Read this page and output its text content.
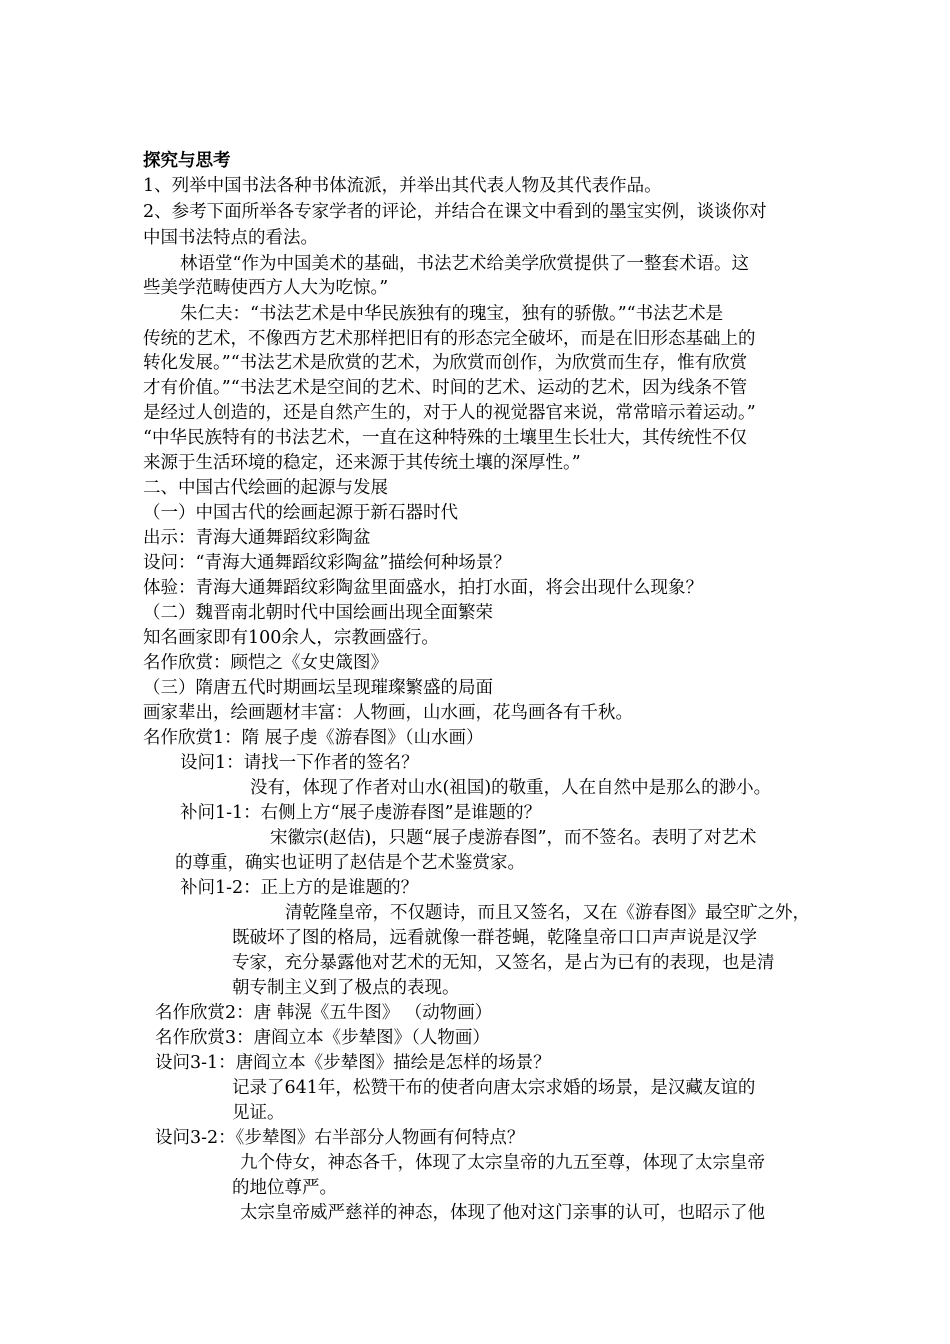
探究与思考
1、列举中国书法各种书体流派，并举出其代表人物及其代表作品。
2、参考下面所举各专家学者的评论，并结合在课文中看到的墨宝实例，谈谈你对
中国书法特点的看法。
林语堂“作为中国美术的基础，书法艺术给美学欣赏提供了一整套术语。这
些美学范畴使西方人大为吃惊。”
朱仁夫：“书法艺术是中华民族独有的瑰宝，独有的骄傲。”“书法艺术是
传统的艺术，不像西方艺术那样把旧有的形态完全破坏，而是在旧形态基础上的
转化发展。”“书法艺术是欣赏的艺术，为欣赏而创作，为欣赏而生存，惟有欣赏
才有价值。”“书法艺术是空间的艺术、时间的艺术、运动的艺术，因为线条不管
是经过人创造的，还是自然产生的，对于人的视觉器官来说，常常暗示着运动。”
“中华民族特有的书法艺术，一直在这种特殊的土壤里生长壮大，其传统性不仅
来源于生活环境的稳定，还来源于其传统土壤的深厚性。”
二、中国古代绘画的起源与发展
（一）中国古代的绘画起源于新石器时代
出示：青海大通舞蹈纹彩陶盆
设问：“青海大通舞蹈纹彩陶盆”描绘何种场景？
体验：青海大通舞蹈纹彩陶盆里面盛水，拍打水面，将会出现什么现象？
（二）魏晋南北朝时代中国绘画出现全面繁荣
知名画家即有100余人，宗教画盛行。
名作欣赏：顾恺之《女史箴图》
（三）隋唐五代时期画坛呈现璀璨繁盛的局面
画家辈出，绘画题材丰富：人物画，山水画，花鸟画各有千秋。
名作欣赏1：隋 展子虔《游春图》（山水画）
设问1：请找一下作者的签名？
没有，体现了作者对山水(祖国)的敬重，人在自然中是那么的渺小。
补问1-1：右侧上方“展子虔游春图”是谁题的？
宋徽宗(赵佶)，只题“展子虔游春图”，而不签名。表明了对艺术
的尊重，确实也证明了赵佶是个艺术鉴赏家。
补问1-2：正上方的是谁题的？
清乾隆皇帝，不仅题诗，而且又签名，又在《游春图》最空旷之外，
既破坏了图的格局，远看就像一群苍蝇，乾隆皇帝口口声声说是汉学
专家，充分暴露他对艺术的无知，又签名，是占为已有的表现，也是清
朝专制主义到了极点的表现。
名作欣赏2：唐 韩滉《五牛图》 （动物画）
名作欣赏3：唐阎立本《步辇图》（人物画）
设问3-1：唐阎立本《步辇图》描绘是怎样的场景？
记录了641年，松赞干布的使者向唐太宗求婚的场景，是汉藏友谊的
见证。
设问3-2：《步辇图》右半部分人物画有何特点？
九个侍女，神态各千，体现了太宗皇帝的九五至尊，体现了太宗皇帝
的地位尊严。
太宗皇帝威严慈祥的神态，体现了他对这门亲事的认可，也昭示了他
